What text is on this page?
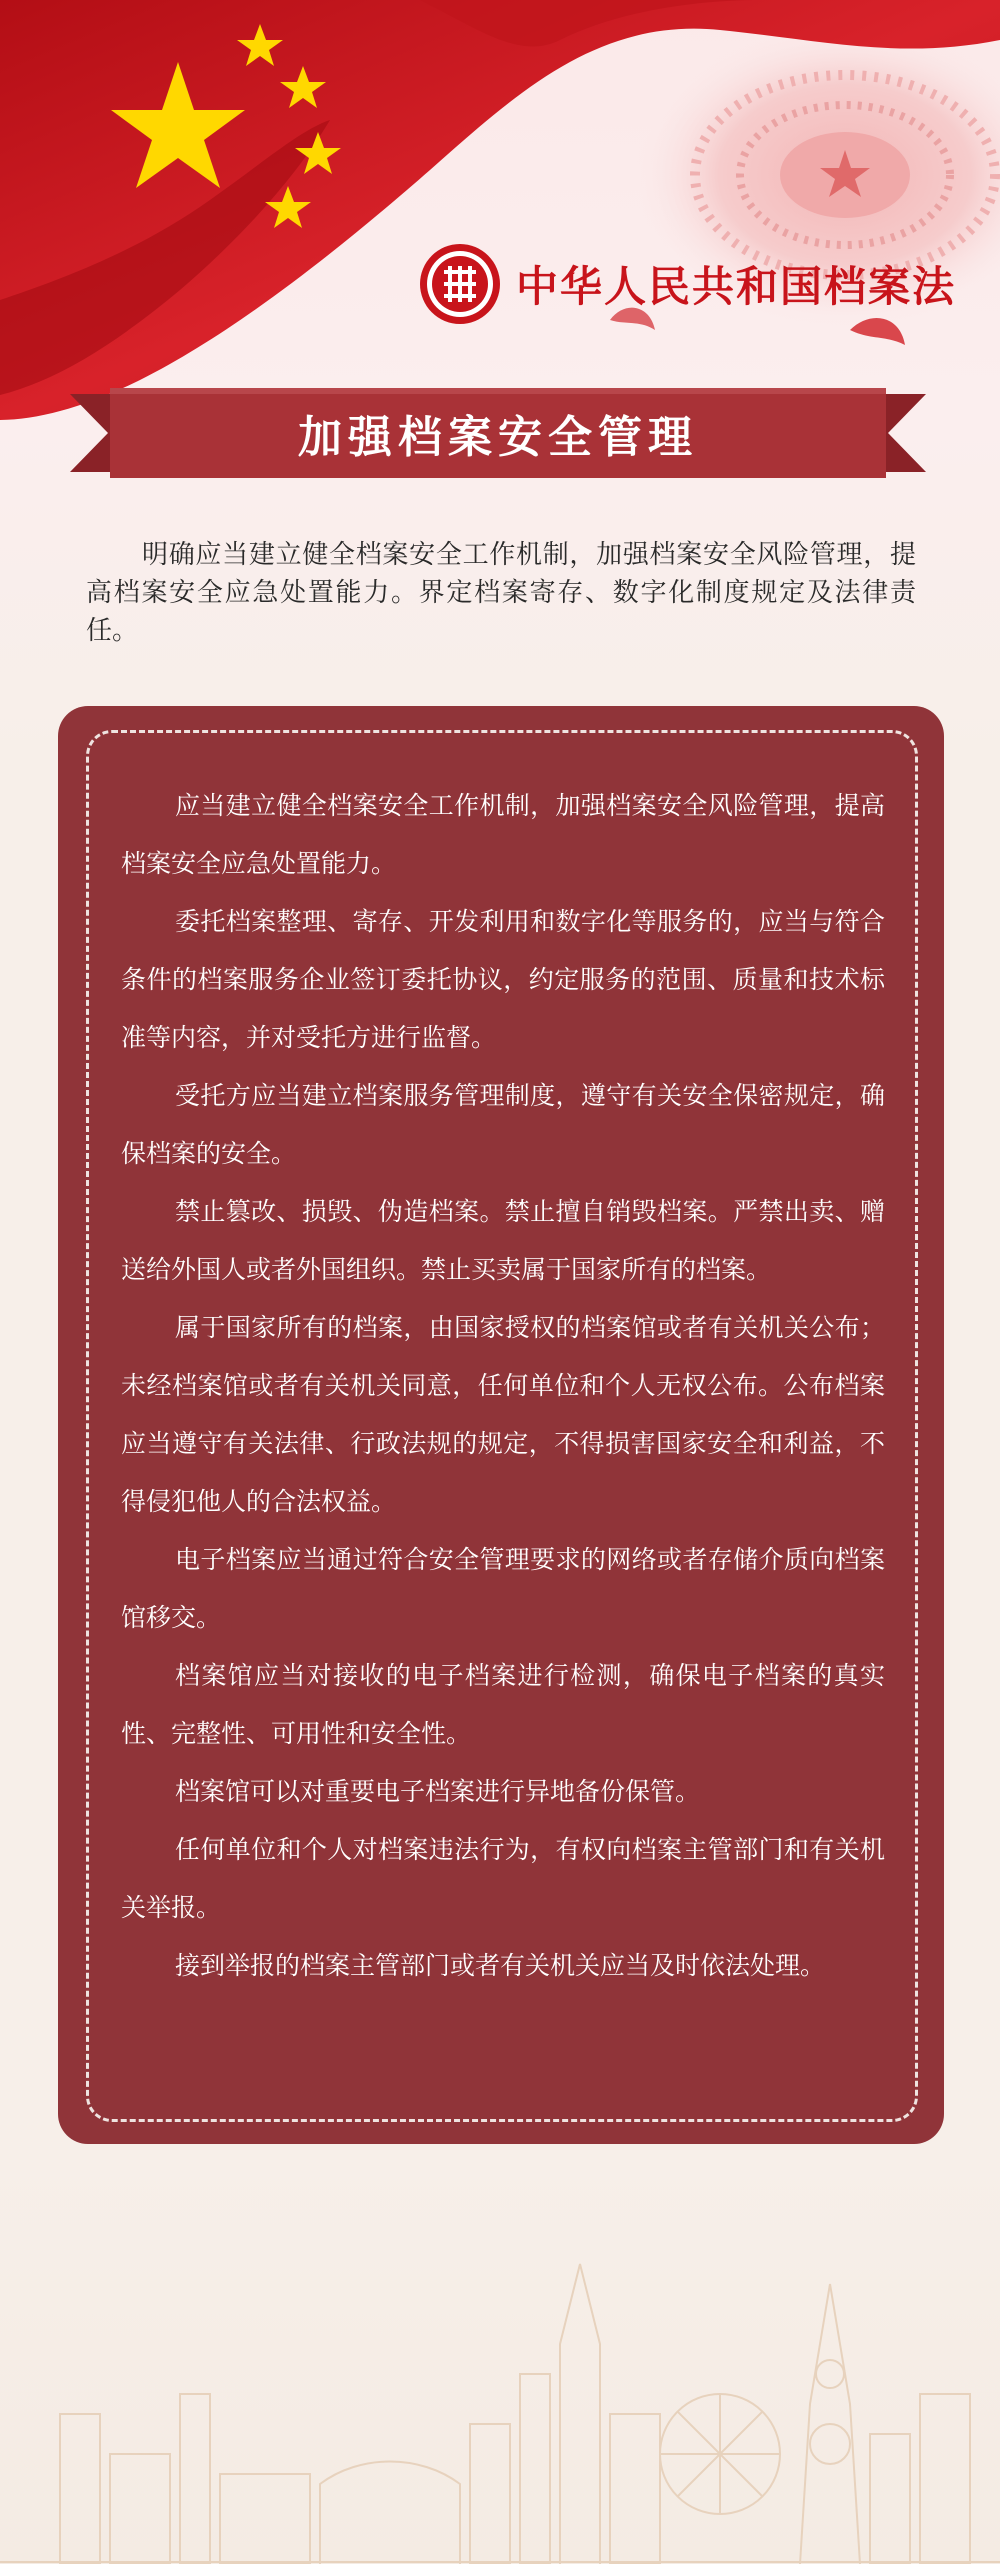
中华人民共和国档案法
加强档案安全管理

明确应当建立健全档案安全工作机制，加强档案安全风险管理，提高档案安全应急处置能力。界定档案寄存、数字化制度规定及法律责任。

应当建立健全档案安全工作机制，加强档案安全风险管理，提高档案安全应急处置能力。

委托档案整理、寄存、开发利用和数字化等服务的，应当与符合条件的档案服务企业签订委托协议，约定服务的范围、质量和技术标准等内容，并对受托方进行监督。

受托方应当建立档案服务管理制度，遵守有关安全保密规定，确保档案的安全。

禁止篡改、损毁、伪造档案。禁止擅自销毁档案。严禁出卖、赠送给外国人或者外国组织。禁止买卖属于国家所有的档案。

属于国家所有的档案，由国家授权的档案馆或者有关机关公布；未经档案馆或者有关机关同意，任何单位和个人无权公布。公布档案应当遵守有关法律、行政法规的规定，不得损害国家安全和利益，不得侵犯他人的合法权益。

电子档案应当通过符合安全管理要求的网络或者存储介质向档案馆移交。

档案馆应当对接收的电子档案进行检测，确保电子档案的真实性、完整性、可用性和安全性。

档案馆可以对重要电子档案进行异地备份保管。

任何单位和个人对档案违法行为，有权向档案主管部门和有关机关举报。

接到举报的档案主管部门或者有关机关应当及时依法处理。
